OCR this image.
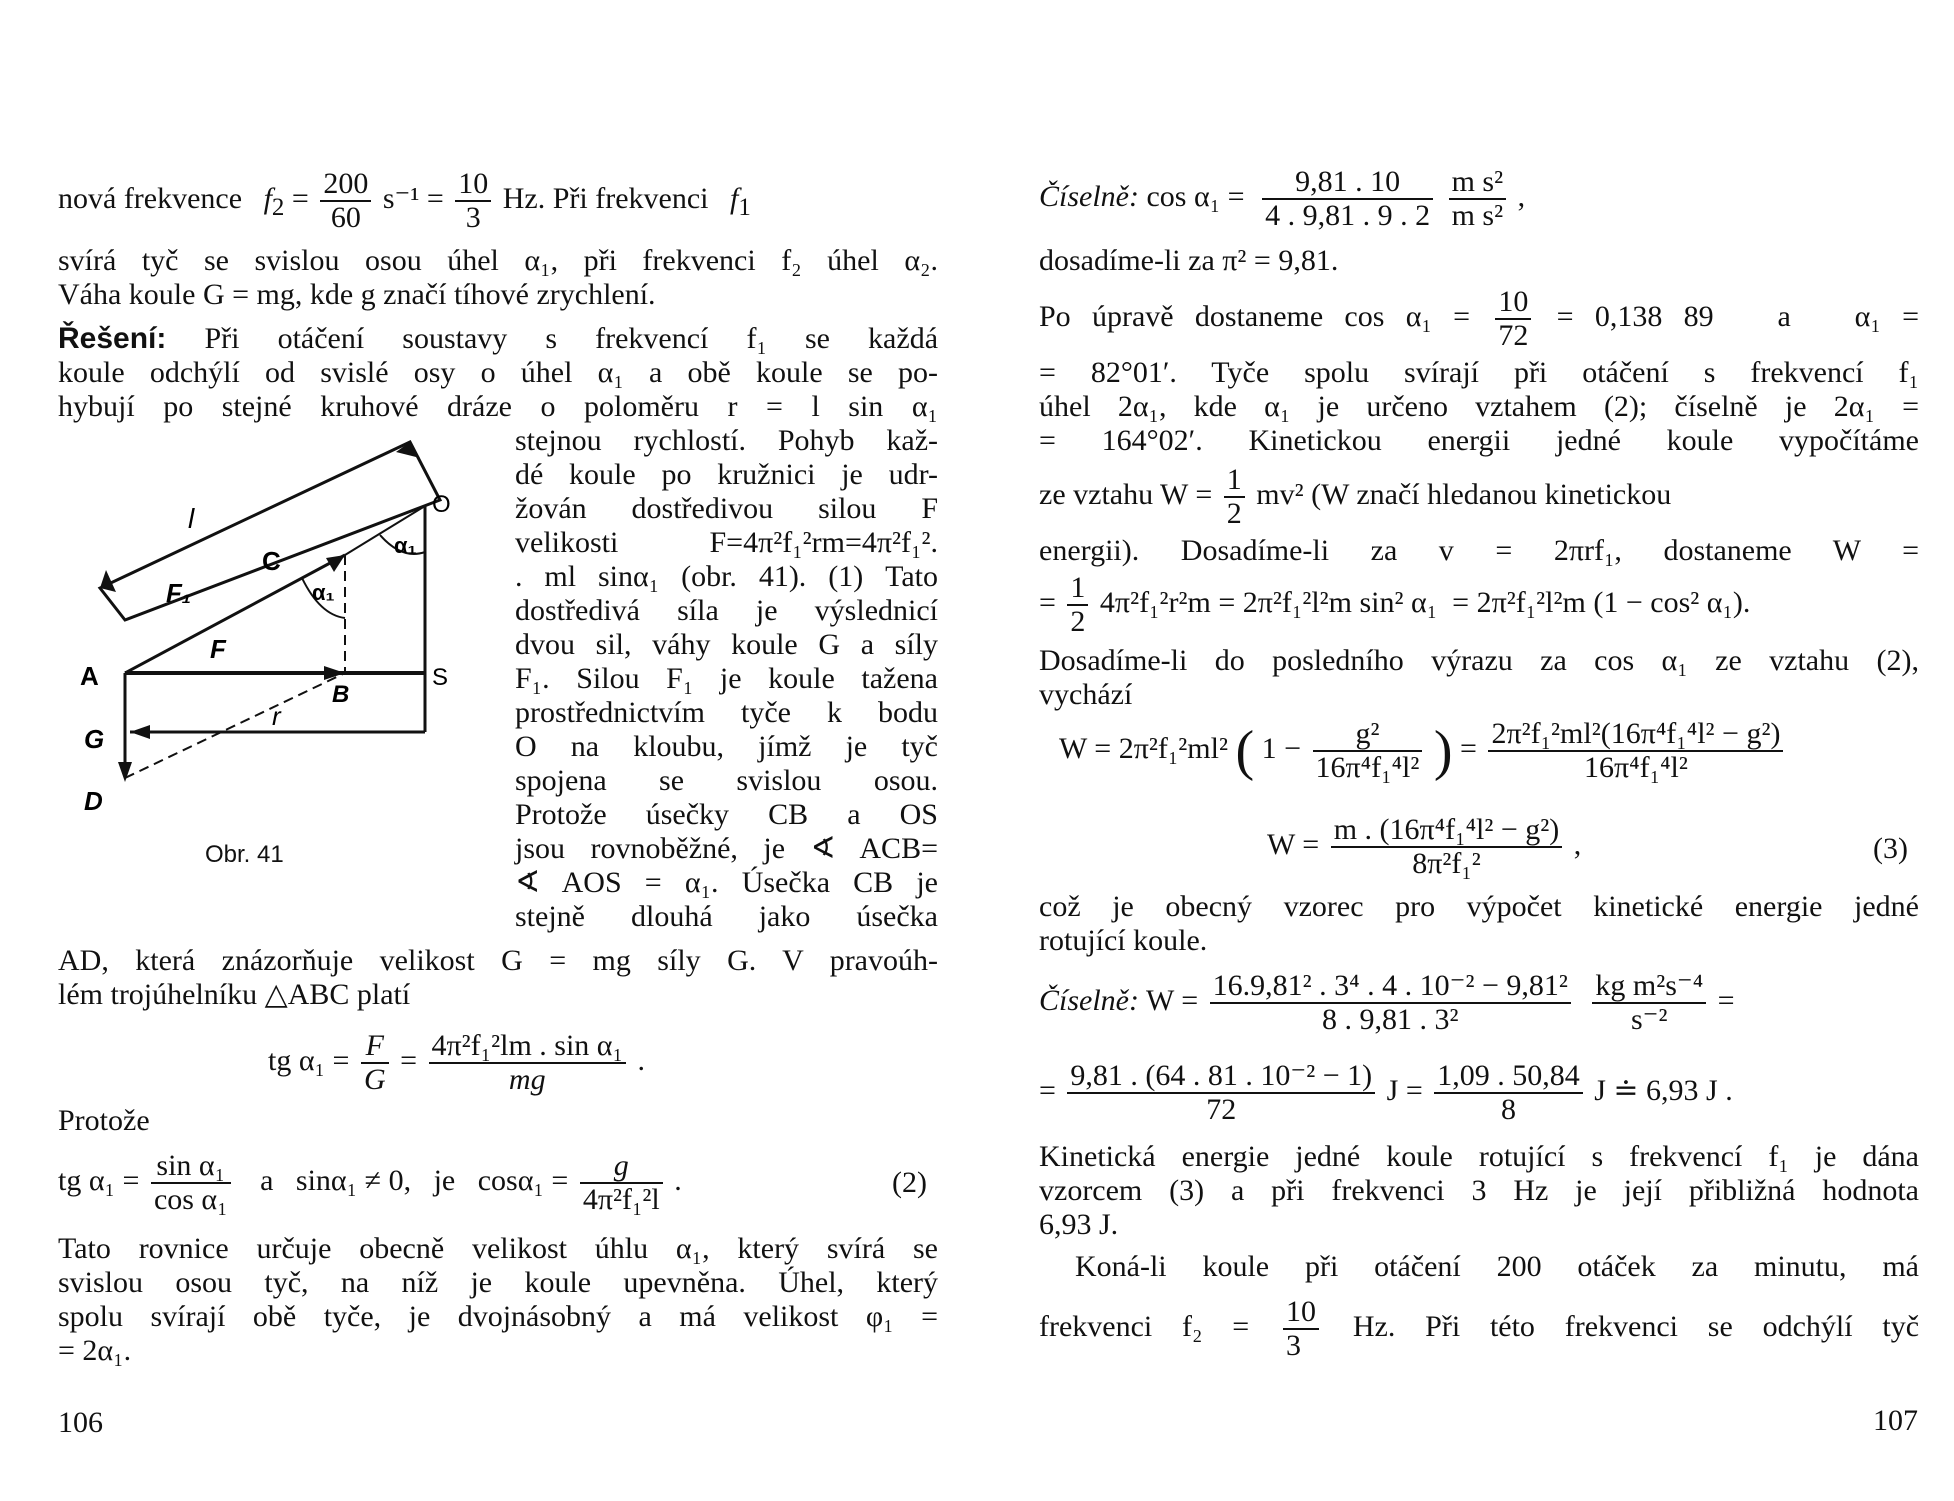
nová frekvence $f_2 = \frac{200}{60} s^{-1} = \frac{10}{3} Hz$. Při frekvenci $f_1$
svírá tyč se svislou osou úhel α₁, při frekvenci f₂ úhel α₂.
Váha koule G = mg, kde g značí tíhové zrychlení.
Řešení: Při otáčení soustavy s frekvencí f₁ se každá
koule odchýlí od svislé osy o úhel α₁ a obě koule se po-
hybují po stejné kruhové dráze o poloměru r = l sin α₁
l
C
O
α₁
F₁	α₁
F
A
B
S
r
G
D
Obr. 41
stejnou rychlostí. Pohyb kaž-
dé koule po kružnici je udr-
žován dostředivou silou F
velikosti F=4π²f₁²rm=4π²f₁².
. ml sinα₁ (obr. 41). (1) Tato
dostředivá síla je výslednicí
dvou sil, váhy koule G a síly
F₁. Silou F₁ je koule tažena
prostřednictvím tyče k bodu
O na kloubu, jímž je tyč
spojena se svislou osou.
Protože úsečky CB a OS
jsou rovnoběžné, je ∢ ACB=
∢ AOS = α₁. Úsečka CB je
stejně dlouhá jako úsečka
AD, která znázorňuje velikost G = mg síly G. V pravoúh-
lém trojúhelníku △ABC platí
tg $\alpha_1 = \frac{F}{G} = \frac{\text{4π²f₁²lm . sin α₁}}{mg}$ .
Protože
tg $\alpha_1 = \frac{\text{sin α₁}}{\text{cos α₁}}$ a   sinα₁ ≠ 0,   je   $\cos\alpha_1 = \frac{g}{\text{4π²f₁²l}}$ .	(2)
Tato rovnice určuje obecně velikost úhlu α₁, který svírá se
svislou osou tyč, na níž je koule upevněna. Úhel, který
spolu svírají obě tyče, je dvojnásobný a má velikost φ₁ =
= 2α₁.
106
Číselně: $\cos \alpha_1 = \frac{9,81 . 10}{4 . 9,81 . 9 . 2}$
$\frac{\text{m s²}}{\text{m s²}}$ ,
dosadíme-li za π² = 9,81.
Po úpravě dostaneme $\cos \alpha_1 = \frac{10}{72} = 0,138$ 89   a   α₁ =
= 82°01′. Tyče spolu svírají při otáčení s frekvencí f₁
úhel 2α₁, kde α₁ je určeno vztahem (2); číselně je 2α₁ =
= 164°02′. Kinetickou energii jedné koule vypočítáme
ze vztahu $W = \frac{1}{2} mv^2$ (W značí hledanou kinetickou
energii). Dosadíme-li za v = 2πrf₁, dostaneme W =
= $\frac{1}{2} 4\pi^2f_1^2r^2m = 2\pi^2f_1^2l^2m$ sin² α₁  = 2π²f₁²l²m (1 − cos² α₁).
Dosadíme-li do posledního výrazu za cos α₁ ze vztahu (2),
vychází
W = 2π²f₁²ml² ( $1 - \frac{\text{g²}}{\text{16π⁴f₁⁴l²}}$ ) = $\frac{\text{2π²f₁²ml²(16π⁴f₁⁴l² − g²)}}{\text{16π⁴f₁⁴l²}}$
$W = \frac{\text{m . (16π⁴f₁⁴l² − g²)}}{\text{8π²f₁²}}$ ,	(3)
což je obecný vzorec pro výpočet kinetické energie jedné
rotující koule.
Číselně: $W = \frac{\text{16.9,81² . 3⁴ . 4 . 10⁻² − 9,81²}}{\text{8 . 9,81 . 3²}}$
$\frac{\text{kg m²s⁻⁴}}{\text{s⁻²}}$ =
= $\frac{\text{9,81 . (64 . 81 . 10⁻² − 1)}}{72}$ $J = \frac{1,09 . 50,84}{8}$ J ≐ 6,93 J .
Kinetická energie jedné koule rotující s frekvencí f₁ je dána
vzorcem (3) a při frekvenci 3 Hz je její přibližná hodnota
6,93 J.
Koná-li koule při otáčení 200 otáček za minutu, má
frekvenci $f_2 = \frac{10}{3} Hz$. Při této frekvenci se odchýlí tyč
107
